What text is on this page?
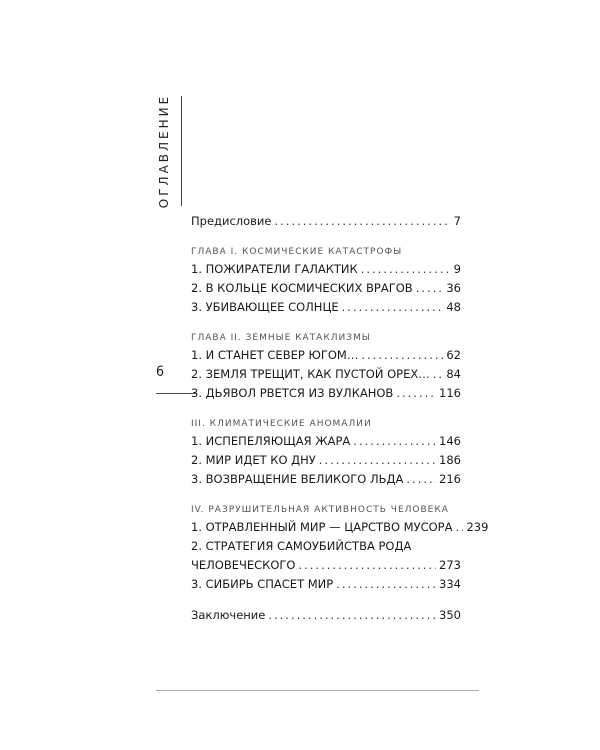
ОГЛАВЛЕНИЕ
6
Предисловие .....	7
ГЛАВА I. КОСМИЧЕСКИЕ КАТАСТРОФЫ
1. ПОЖИРАТЕЛИ ГАЛАКТИК .....	9
2. В КОЛЬЦЕ КОСМИЧЕСКИХ ВРАГОВ .....	36
3. УБИВАЮЩЕЕ СОЛНЦЕ .....	48
ГЛАВА II. ЗЕМНЫЕ КАТАКЛИЗМЫ
1. И СТАНЕТ СЕВЕР ЮГОМ… .....	62
2. ЗЕМЛЯ ТРЕЩИТ, КАК ПУСТОЙ ОРЕХ… ..... 84
3. ДЬЯВОЛ РВЕТСЯ ИЗ ВУЛКАНОВ .....	116
III. КЛИМАТИЧЕСКИЕ АНОМАЛИИ
1. ИСПЕПЕЛЯЮЩАЯ ЖАРА .....	146
2. МИР ИДЕТ КО ДНУ .....	186
3. ВОЗВРАЩЕНИЕ ВЕЛИКОГО ЛЬДА .....	216
IV. РАЗРУШИТЕЛЬНАЯ АКТИВНОСТЬ ЧЕЛОВЕКА
1. ОТРАВЛЕННЫЙ МИР — ЦАРСТВО МУСОРА ..... 239
2. СТРАТЕГИЯ САМОУБИЙСТВА РОДА
ЧЕЛОВЕЧЕСКОГО .....	273
3. СИБИРЬ СПАСЕТ МИР .....	334
Заключение .....	350
